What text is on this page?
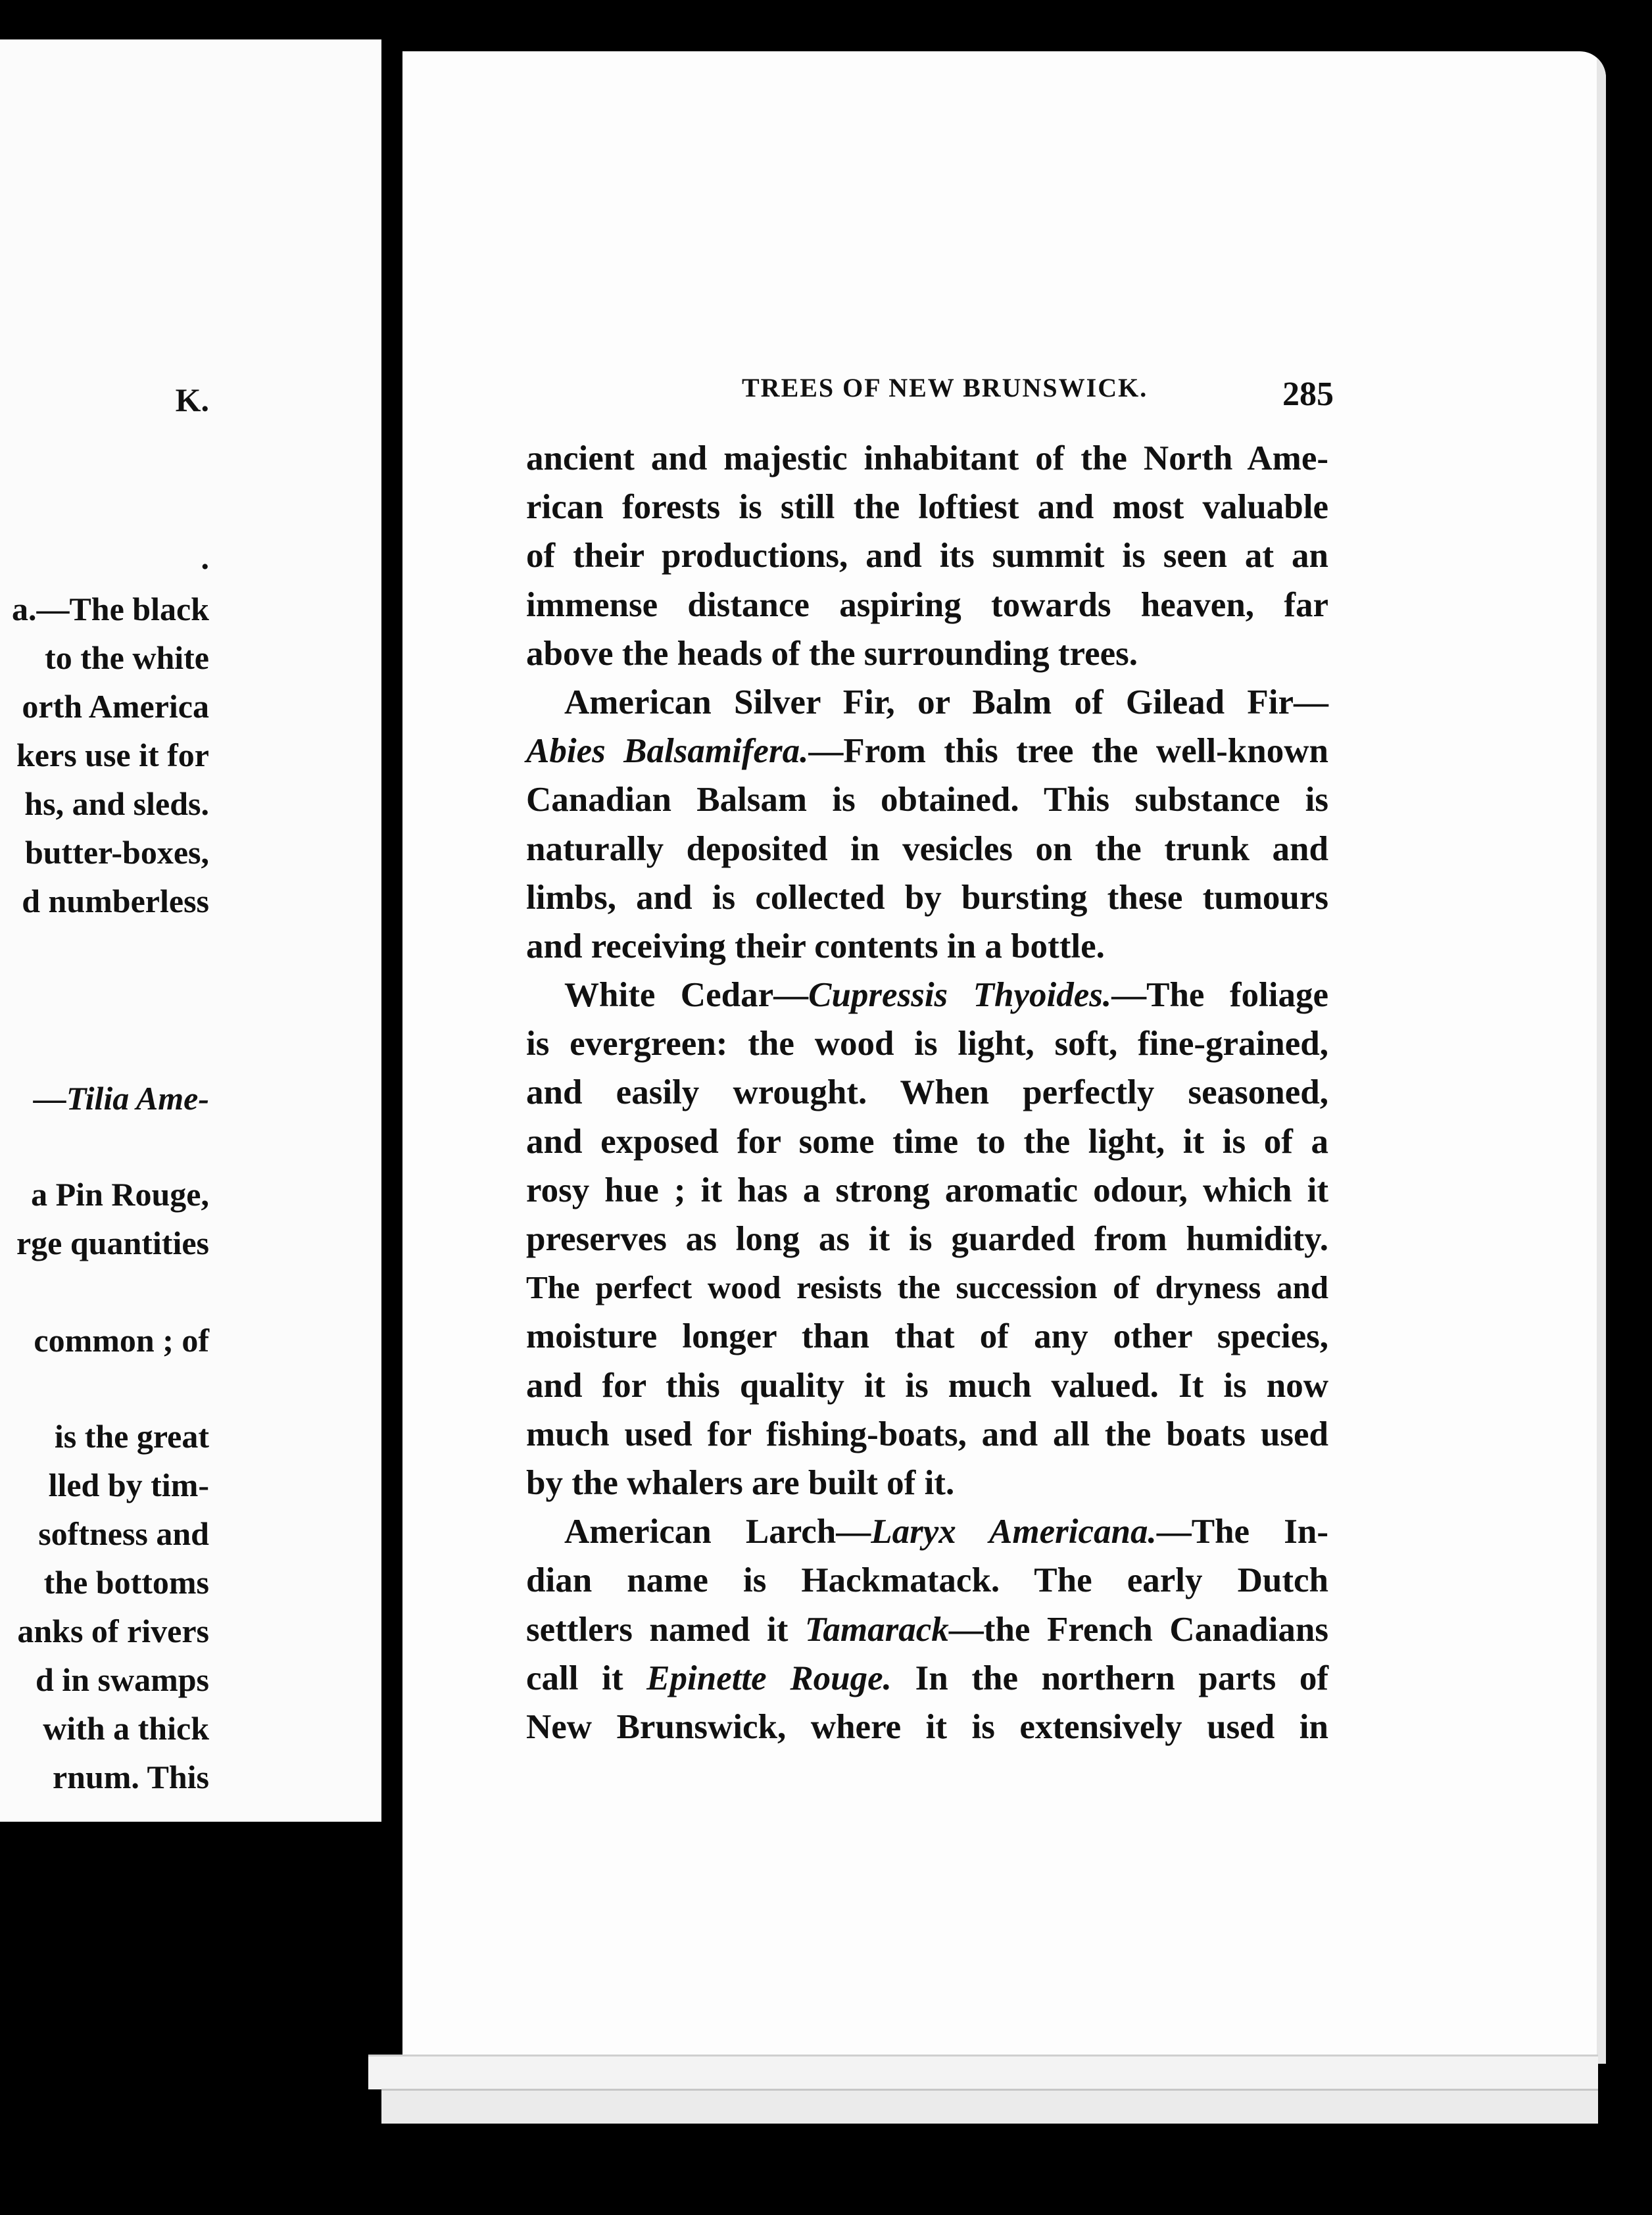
K.
.
a.—The black
to the white
orth America
kers use it for
hs, and sleds.
butter-boxes,
d numberless
—Tilia Ame-
a Pin Rouge,
rge quantities
common ; of
is the great
lled by tim-
softness and
the bottoms
anks of rivers
d in swamps
with a thick
rnum. This
TREES OF NEW BRUNSWICK.	285
ancient and majestic inhabitant of the North Ame-
rican forests is still the loftiest and most valuable
of their productions, and its summit is seen at an
immense distance aspiring towards heaven, far
above the heads of the surrounding trees.
American Silver Fir, or Balm of Gilead Fir—
Abies Balsamifera.—From this tree the well-known
Canadian Balsam is obtained. This substance is
naturally deposited in vesicles on the trunk and
limbs, and is collected by bursting these tumours
and receiving their contents in a bottle.
White Cedar—Cupressis Thyoides.—The foliage
is evergreen: the wood is light, soft, fine-grained,
and easily wrought. When perfectly seasoned,
and exposed for some time to the light, it is of a
rosy hue ; it has a strong aromatic odour, which it
preserves as long as it is guarded from humidity.
The perfect wood resists the succession of dryness and
moisture longer than that of any other species,
and for this quality it is much valued. It is now
much used for fishing-boats, and all the boats used
by the whalers are built of it.
American Larch—Laryx Americana.—The In-
dian name is Hackmatack. The early Dutch
settlers named it Tamarack—the French Canadians
call it Epinette Rouge. In the northern parts of
New Brunswick, where it is extensively used in
